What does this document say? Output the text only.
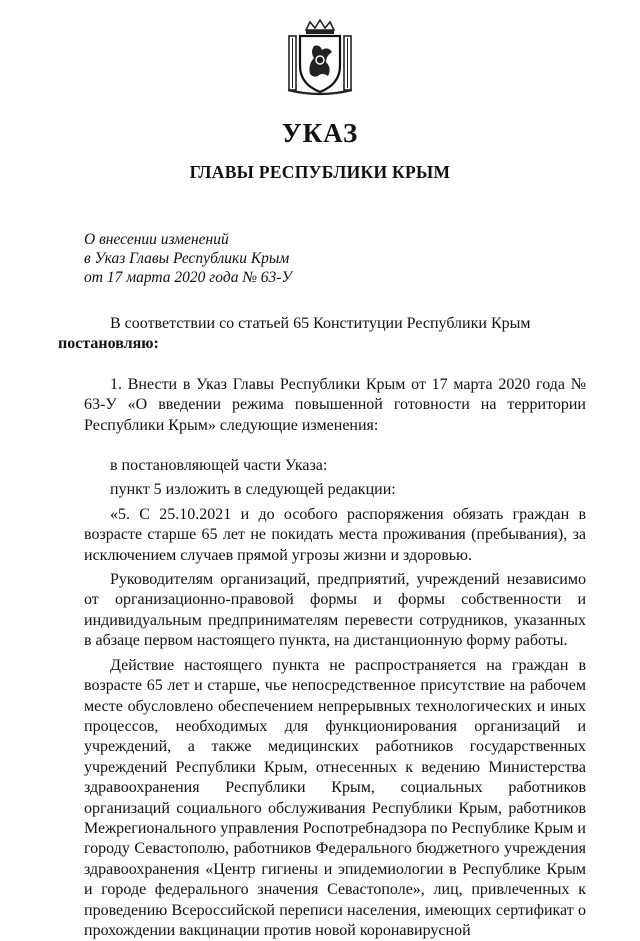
УКАЗ
ГЛАВЫ РЕСПУБЛИКИ КРЫМ
О внесении изменений
в Указ Главы Республики Крым
от 17 марта 2020 года № 63-У

В соответствии со статьей 65 Конституции Республики Крым
постановляю:

1. Внести в Указ Главы Республики Крым от 17 марта 2020 года № 63-У «О введении режима повышенной готовности на территории Республики Крым» следующие изменения:

в постановляющей части Указа:

пункт 5 изложить в следующей редакции:

«5. С 25.10.2021 и до особого распоряжения обязать граждан в возрасте старше 65 лет не покидать места проживания (пребывания), за исключением случаев прямой угрозы жизни и здоровью.

Руководителям организаций, предприятий, учреждений независимо от организационно-правовой формы и формы собственности и индивидуальным предпринимателям перевести сотрудников, указанных в абзаце первом настоящего пункта, на дистанционную форму работы.

Действие настоящего пункта не распространяется на граждан в возрасте 65 лет и старше, чье непосредственное присутствие на рабочем месте обусловлено обеспечением непрерывных технологических и иных процессов, необходимых для функционирования организаций и учреждений, а также медицинских работников государственных учреждений Республики Крым, отнесенных к ведению Министерства здравоохранения Республики Крым, социальных работников организаций социального обслуживания Республики Крым, работников Межрегионального управления Роспотребнадзора по Республике Крым и городу Севастополю, работников Федерального бюджетного учреждения здравоохранения «Центр гигиены и эпидемиологии в Республике Крым и городе федерального значения Севастополе», лиц, привлеченных к проведению Всероссийской переписи населения, имеющих сертификат о прохождении вакцинации против новой коронавирусной
